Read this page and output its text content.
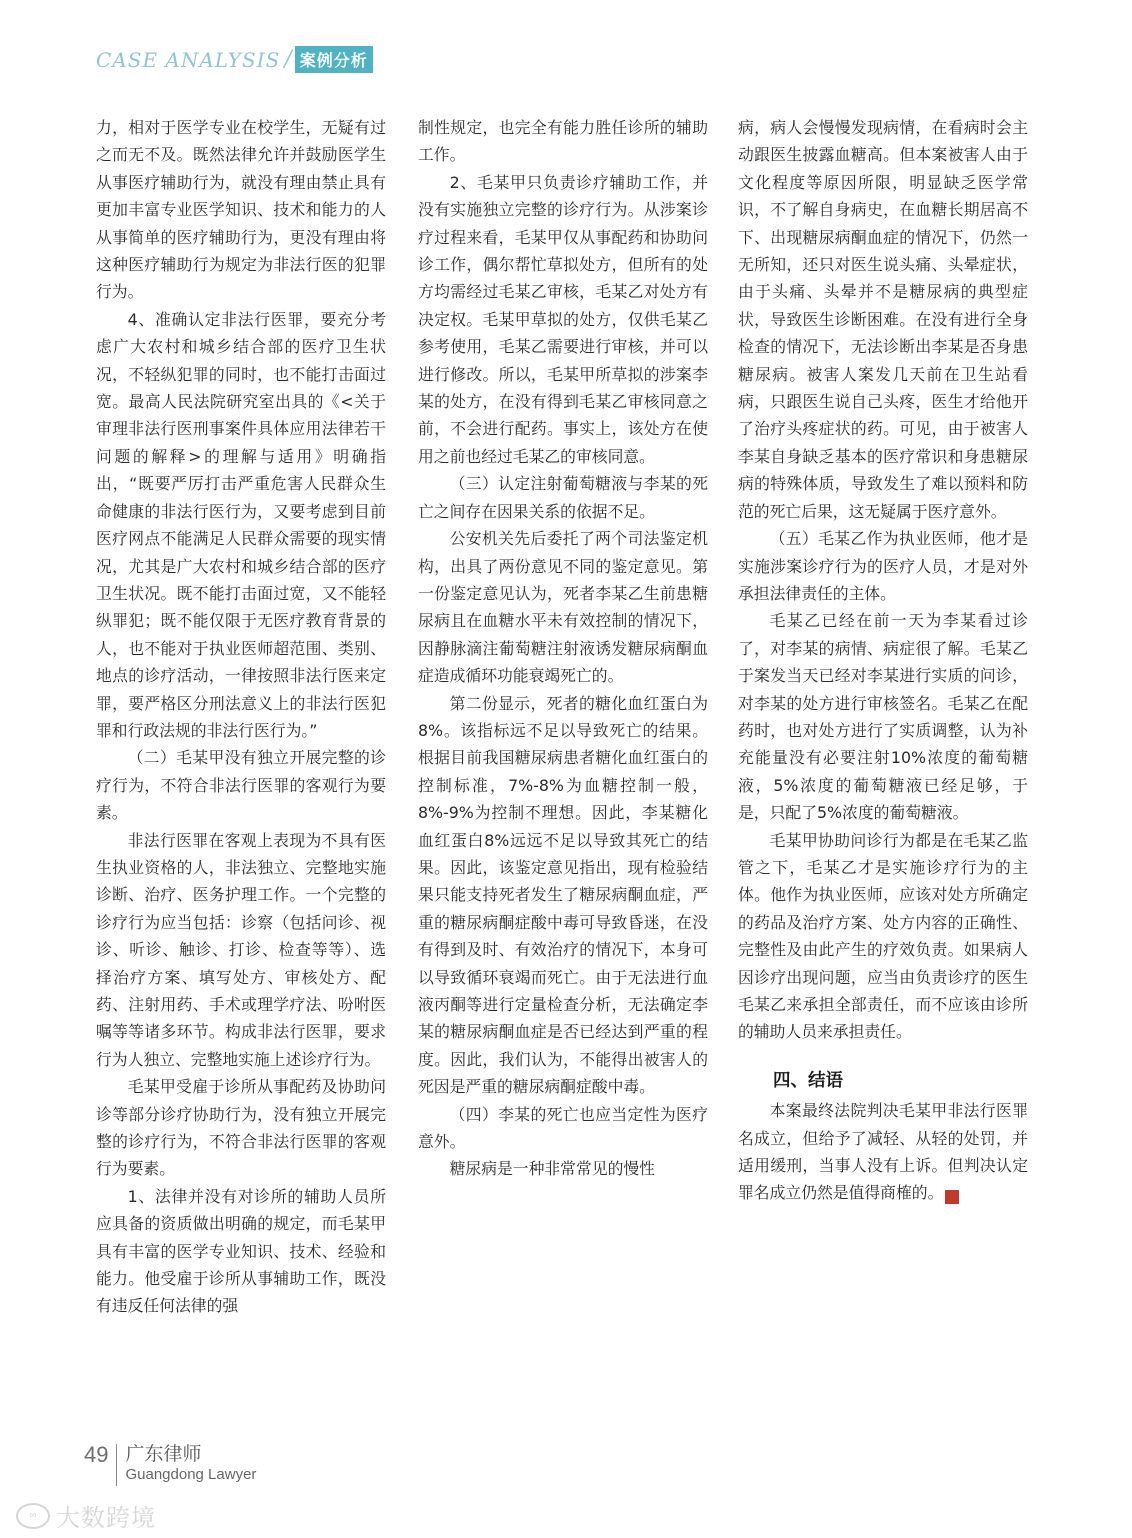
CASE ANALYSIS / 案例分析

力，相对于医学专业在校学生，无疑有过之而无不及。既然法律允许并鼓励医学生从事医疗辅助行为，就没有理由禁止具有更加丰富专业医学知识、技术和能力的人从事简单的医疗辅助行为，更没有理由将这种医疗辅助行为规定为非法行医的犯罪行为。

4、准确认定非法行医罪，要充分考虑广大农村和城乡结合部的医疗卫生状况，不轻纵犯罪的同时，也不能打击面过宽。最高人民法院研究室出具的《<关于审理非法行医刑事案件具体应用法律若干问题的解释>的理解与适用》明确指出，“既要严厉打击严重危害人民群众生命健康的非法行医行为，又要考虑到目前医疗网点不能满足人民群众需要的现实情况，尤其是广大农村和城乡结合部的医疗卫生状况。既不能打击面过宽，又不能轻纵罪犯；既不能仅限于无医疗教育背景的人，也不能对于执业医师超范围、类别、地点的诊疗活动，一律按照非法行医来定罪，要严格区分刑法意义上的非法行医犯罪和行政法规的非法行医行为。”

（二）毛某甲没有独立开展完整的诊疗行为，不符合非法行医罪的客观行为要素。

非法行医罪在客观上表现为不具有医生执业资格的人，非法独立、完整地实施诊断、治疗、医务护理工作。一个完整的诊疗行为应当包括：诊察（包括问诊、视诊、听诊、触诊、打诊、检查等等）、选择治疗方案、填写处方、审核处方、配药、注射用药、手术或理学疗法、吩咐医嘱等等诸多环节。构成非法行医罪，要求行为人独立、完整地实施上述诊疗行为。

毛某甲受雇于诊所从事配药及协助问诊等部分诊疗协助行为，没有独立开展完整的诊疗行为，不符合非法行医罪的客观行为要素。

1、法律并没有对诊所的辅助人员所应具备的资质做出明确的规定，而毛某甲具有丰富的医学专业知识、技术、经验和能力。他受雇于诊所从事辅助工作，既没有违反任何法律的强

制性规定，也完全有能力胜任诊所的辅助工作。

2、毛某甲只负责诊疗辅助工作，并没有实施独立完整的诊疗行为。从涉案诊疗过程来看，毛某甲仅从事配药和协助问诊工作，偶尔帮忙草拟处方，但所有的处方均需经过毛某乙审核，毛某乙对处方有决定权。毛某甲草拟的处方，仅供毛某乙参考使用，毛某乙需要进行审核，并可以进行修改。所以，毛某甲所草拟的涉案李某的处方，在没有得到毛某乙审核同意之前，不会进行配药。事实上，该处方在使用之前也经过毛某乙的审核同意。

（三）认定注射葡萄糖液与李某的死亡之间存在因果关系的依据不足。

公安机关先后委托了两个司法鉴定机构，出具了两份意见不同的鉴定意见。第一份鉴定意见认为，死者李某乙生前患糖尿病且在血糖水平未有效控制的情况下，因静脉滴注葡萄糖注射液诱发糖尿病酮血症造成循环功能衰竭死亡的。

第二份显示，死者的糖化血红蛋白为8%。该指标远不足以导致死亡的结果。根据目前我国糖尿病患者糖化血红蛋白的控制标准，7%-8%为血糖控制一般，8%-9%为控制不理想。因此，李某糖化血红蛋白8%远远不足以导致其死亡的结果。因此，该鉴定意见指出，现有检验结果只能支持死者发生了糖尿病酮血症，严重的糖尿病酮症酸中毒可导致昏迷，在没有得到及时、有效治疗的情况下，本身可以导致循环衰竭而死亡。由于无法进行血液丙酮等进行定量检查分析，无法确定李某的糖尿病酮血症是否已经达到严重的程度。因此，我们认为，不能得出被害人的死因是严重的糖尿病酮症酸中毒。

（四）李某的死亡也应当定性为医疗意外。

糖尿病是一种非常常见的慢性

病，病人会慢慢发现病情，在看病时会主动跟医生披露血糖高。但本案被害人由于文化程度等原因所限，明显缺乏医学常识，不了解自身病史，在血糖长期居高不下、出现糖尿病酮血症的情况下，仍然一无所知，还只对医生说头痛、头晕症状，由于头痛、头晕并不是糖尿病的典型症状，导致医生诊断困难。在没有进行全身检查的情况下，无法诊断出李某是否身患糖尿病。被害人案发几天前在卫生站看病，只跟医生说自己头疼，医生才给他开了治疗头疼症状的药。可见，由于被害人李某自身缺乏基本的医疗常识和身患糖尿病的特殊体质，导致发生了难以预料和防范的死亡后果，这无疑属于医疗意外。

（五）毛某乙作为执业医师，他才是实施涉案诊疗行为的医疗人员，才是对外承担法律责任的主体。

毛某乙已经在前一天为李某看过诊了，对李某的病情、病症很了解。毛某乙于案发当天已经对李某进行实质的问诊，对李某的处方进行审核签名。毛某乙在配药时，也对处方进行了实质调整，认为补充能量没有必要注射10%浓度的葡萄糖液，5%浓度的葡萄糖液已经足够，于是，只配了5%浓度的葡萄糖液。

毛某甲协助问诊行为都是在毛某乙监管之下，毛某乙才是实施诊疗行为的主体。他作为执业医师，应该对处方所确定的药品及治疗方案、处方内容的正确性、完整性及由此产生的疗效负责。如果病人因诊疗出现问题，应当由负责诊疗的医生毛某乙来承担全部责任，而不应该由诊所的辅助人员来承担责任。

四、结语

本案最终法院判决毛某甲非法行医罪名成立，但给予了减轻、从轻的处罚，并适用缓刑，当事人没有上诉。但判决认定罪名成立仍然是值得商榷的。	■

49 广东律师
Guangdong Lawyer
∞ 大数跨境
